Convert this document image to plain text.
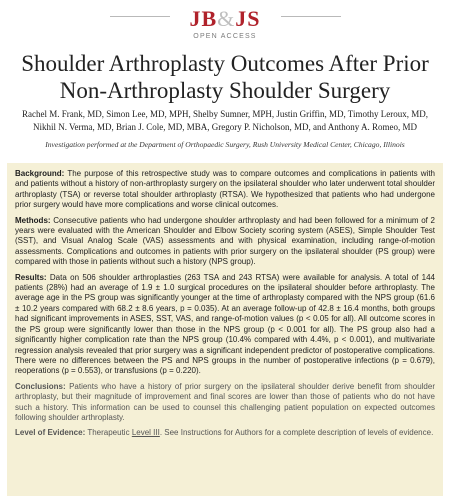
JB&JS
OPEN ACCESS
Shoulder Arthroplasty Outcomes After Prior
Non-Arthroplasty Shoulder Surgery
Rachel M. Frank, MD, Simon Lee, MD, MPH, Shelby Sumner, MPH, Justin Griffin, MD, Timothy Leroux, MD,
Nikhil N. Verma, MD, Brian J. Cole, MD, MBA, Gregory P. Nicholson, MD, and Anthony A. Romeo, MD
Investigation performed at the Department of Orthopaedic Surgery, Rush University Medical Center, Chicago, Illinois

Background: The purpose of this retrospective study was to compare outcomes and complications in patients with and patients without a history of non-arthroplasty surgery on the ipsilateral shoulder who later underwent total shoulder arthroplasty (TSA) or reverse total shoulder arthroplasty (RTSA). We hypothesized that patients who had undergone prior surgery would have more complications and worse clinical outcomes.

Methods: Consecutive patients who had undergone shoulder arthroplasty and had been followed for a minimum of 2 years were evaluated with the American Shoulder and Elbow Society scoring system (ASES), Simple Shoulder Test (SST), and Visual Analog Scale (VAS) assessments and with physical examination, including range-of-motion assessments. Complications and outcomes in patients with prior surgery on the ipsilateral shoulder (PS group) were compared with those in patients without such a history (NPS group).

Results: Data on 506 shoulder arthroplasties (263 TSA and 243 RTSA) were available for analysis. A total of 144 patients (28%) had an average of 1.9 ± 1.0 surgical procedures on the ipsilateral shoulder before arthroplasty. The average age in the PS group was significantly younger at the time of arthroplasty compared with the NPS group (61.6 ± 10.2 years compared with 68.2 ± 8.6 years, p = 0.035). At an average follow-up of 42.8 ± 16.4 months, both groups had significant improvements in ASES, SST, VAS, and range-of-motion values (p < 0.05 for all). All outcome scores in the PS group were significantly lower than those in the NPS group (p < 0.001 for all). The PS group also had a significantly higher complication rate than the NPS group (10.4% compared with 4.4%, p < 0.001), and multivariate regression analysis revealed that prior surgery was a significant independent predictor of postoperative complications. There were no differences between the PS and NPS groups in the number of postoperative infections (p = 0.679), reoperations (p = 0.553), or transfusions (p = 0.220).

Conclusions: Patients who have a history of prior surgery on the ipsilateral shoulder derive benefit from shoulder arthroplasty, but their magnitude of improvement and final scores are lower than those of patients who do not have such a history. This information can be used to counsel this challenging patient population on expected outcomes following shoulder arthroplasty.

Level of Evidence: Therapeutic Level III. See Instructions for Authors for a complete description of levels of evidence.
